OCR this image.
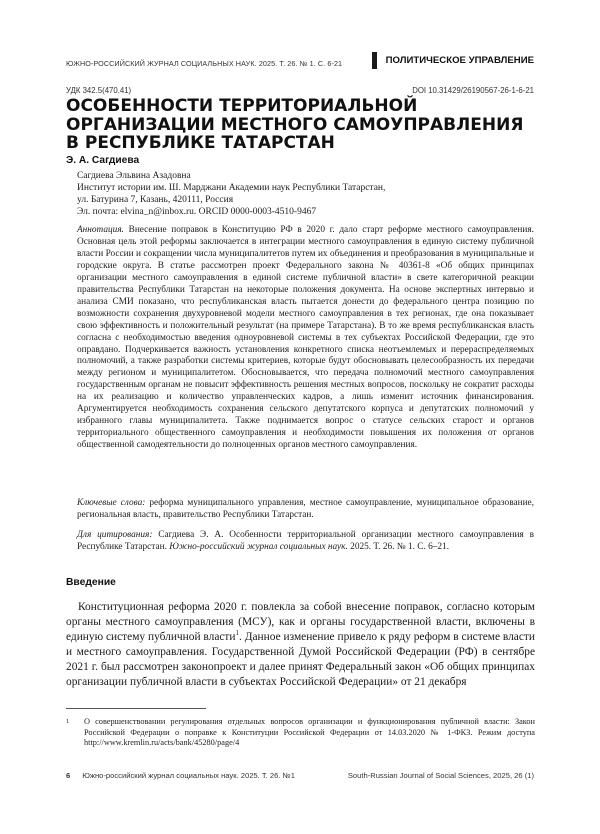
ЮЖНО-РОССИЙСКИЙ ЖУРНАЛ СОЦИАЛЬНЫХ НАУК. 2025. Т. 26. № 1. С. 6-21	ПОЛИТИЧЕСКОЕ УПРАВЛЕНИЕ
УДК 342.5(470.41)	DOI 10.31429/26190567-26-1-6-21
ОСОБЕННОСТИ ТЕРРИТОРИАЛЬНОЙ ОРГАНИЗАЦИИ МЕСТНОГО САМОУПРАВЛЕНИЯ В РЕСПУБЛИКЕ ТАТАРСТАН
Э. А. Сагдиева
Сагдиева Эльвина Азадовна
Институт истории им. Ш. Марджани Академии наук Республики Татарстан,
ул. Батурина 7, Казань, 420111, Россия
Эл. почта: elvina_n@inbox.ru. ORCID 0000-0003-4510-9467
Аннотация. Внесение поправок в Конституцию РФ в 2020 г. дало старт реформе местного самоуправления. Основная цель этой реформы заключается в интеграции местного самоуправления в единую систему публичной власти России и сокращении числа муниципалитетов путем их объединения и преобразования в муниципальные и городские округа. В статье рассмотрен проект Федерального закона № 40361-8 «Об общих принципах организации местного самоуправления в единой системе публичной власти» в свете категоричной реакции правительства Республики Татарстан на некоторые положения документа. На основе экспертных интервью и анализа СМИ показано, что республиканская власть пытается донести до федерального центра позицию по возможности сохранения двухуровневой модели местного самоуправления в тех регионах, где она показывает свою эффективность и положительный результат (на примере Татарстана). В то же время республиканская власть согласна с необходимостью введения одноуровневой системы в тех субъектах Российской Федерации, где это оправдано. Подчеркивается важность установления конкретного списка неотъемлемых и перераспределяемых полномочий, а также разработки системы критериев, которые будут обосновывать целесообразность их передачи между регионом и муниципалитетом. Обосновывается, что передача полномочий местного самоуправления государственным органам не повысит эффективность решения местных вопросов, поскольку не сократит расходы на их реализацию и количество управленческих кадров, а лишь изменит источник финансирования. Аргументируется необходимость сохранения сельского депутатского корпуса и депутатских полномочий у избранного главы муниципалитета. Также поднимается вопрос о статусе сельских старост и органов территориального общественного самоуправления и необходимости повышения их положения от органов общественной самодеятельности до полноценных органов местного самоуправления.
Ключевые слова: реформа муниципального управления, местное самоуправление, муниципальное образование, региональная власть, правительство Республики Татарстан.
Для цитирования: Сагдиева Э. А. Особенности территориальной организации местного самоуправления в Республике Татарстан. Южно-российский журнал социальных наук. 2025. Т. 26. № 1. С. 6–21.
Введение
Конституционная реформа 2020 г. повлекла за собой внесение поправок, согласно которым органы местного самоуправления (МСУ), как и органы государственной власти, включены в единую систему публичной власти$^1$. Данное изменение привело к ряду реформ в системе власти и местного самоуправления. Государственной Думой Российской Федерации (РФ) в сентябре 2021 г. был рассмотрен законопроект и далее принят Федеральный закон «Об общих принципах организации публичной власти в субъектах Российской Федерации» от 21 декабря
1	О совершенствовании регулирования отдельных вопросов организации и функционирования публичной власти: Закон Российской Федерации о поправке к Конституции Российской Федерации от 14.03.2020 № 1-ФКЗ. Режим доступа http://www.kremlin.ru/acts/bank/45280/page/4
6 Южно-российский журнал социальных наук. 2025. Т. 26. №1	South-Russian Journal of Social Sciences, 2025, 26 (1)
